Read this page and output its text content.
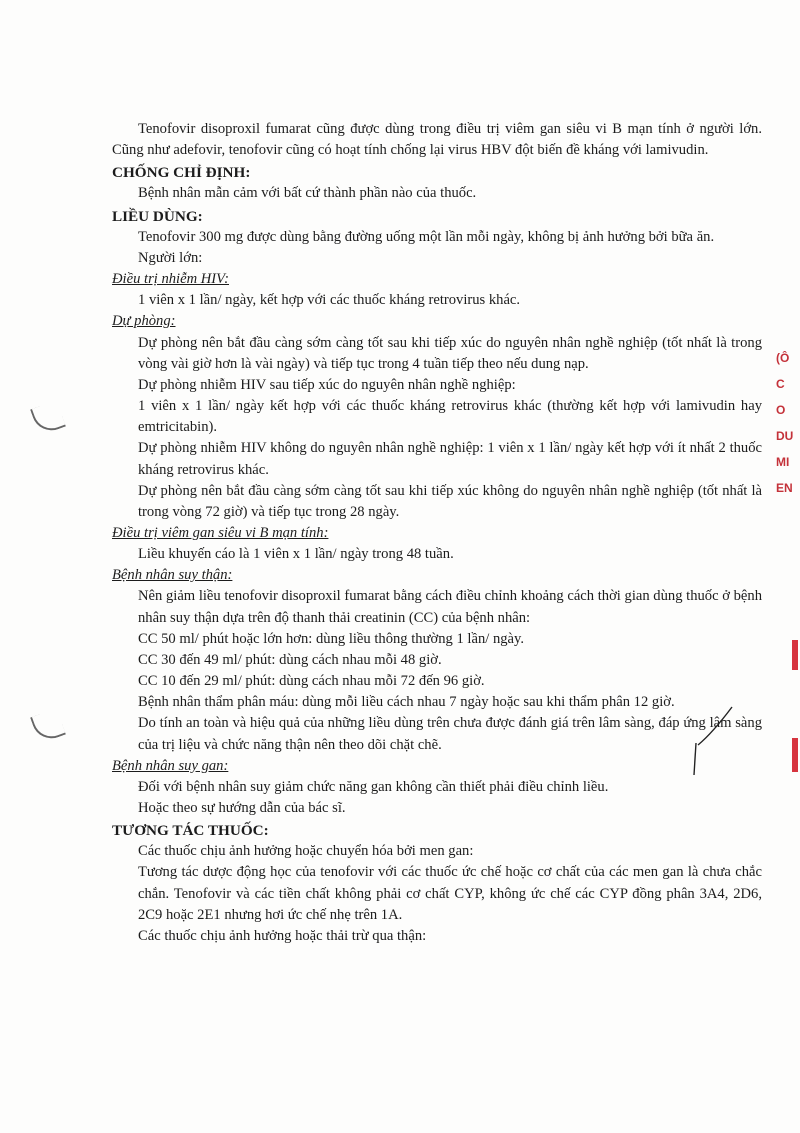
Tenofovir disoproxil fumarat cũng được dùng trong điều trị viêm gan siêu vi B mạn tính ở người lớn. Cũng như adefovir, tenofovir cũng có hoạt tính chống lại virus HBV đột biến đề kháng với lamivudin.

CHỐNG CHỈ ĐỊNH:

Bệnh nhân mẫn cảm với bất cứ thành phần nào của thuốc.

LIỀU DÙNG:

Tenofovir 300 mg được dùng bằng đường uống một lần mỗi ngày, không bị ảnh hưởng bởi bữa ăn.

Người lớn:

Điều trị nhiễm HIV:

1 viên x 1 lần/ ngày, kết hợp với các thuốc kháng retrovirus khác.

Dự phòng:

Dự phòng nên bắt đầu càng sớm càng tốt sau khi tiếp xúc do nguyên nhân nghề nghiệp (tốt nhất là trong vòng vài giờ hơn là vài ngày) và tiếp tục trong 4 tuần tiếp theo nếu dung nạp.

Dự phòng nhiễm HIV sau tiếp xúc do nguyên nhân nghề nghiệp:

1 viên x 1 lần/ ngày kết hợp với các thuốc kháng retrovirus khác (thường kết hợp với lamivudin hay emtricitabin).

Dự phòng nhiễm HIV không do nguyên nhân nghề nghiệp: 1 viên x 1 lần/ ngày kết hợp với ít nhất 2 thuốc kháng retrovirus khác.

Dự phòng nên bắt đầu càng sớm càng tốt sau khi tiếp xúc không do nguyên nhân nghề nghiệp (tốt nhất là trong vòng 72 giờ) và tiếp tục trong 28 ngày.

Điều trị viêm gan siêu vi B mạn tính:

Liều khuyến cáo là 1 viên x 1 lần/ ngày trong 48 tuần.

Bệnh nhân suy thận:

Nên giảm liều tenofovir disoproxil fumarat bằng cách điều chỉnh khoảng cách thời gian dùng thuốc ở bệnh nhân suy thận dựa trên độ thanh thải creatinin (CC) của bệnh nhân:

CC 50 ml/ phút hoặc lớn hơn: dùng liều thông thường 1 lần/ ngày.

CC 30 đến 49 ml/ phút: dùng cách nhau mỗi 48 giờ.

CC 10 đến 29 ml/ phút: dùng cách nhau mỗi 72 đến 96 giờ.

Bệnh nhân thẩm phân máu: dùng mỗi liều cách nhau 7 ngày hoặc sau khi thẩm phân 12 giờ.

Do tính an toàn và hiệu quả của những liều dùng trên chưa được đánh giá trên lâm sàng, đáp ứng lâm sàng của trị liệu và chức năng thận nên theo dõi chặt chẽ.

Bệnh nhân suy gan:

Đối với bệnh nhân suy giảm chức năng gan không cần thiết phải điều chỉnh liều.

Hoặc theo sự hướng dẫn của bác sĩ.

TƯƠNG TÁC THUỐC:

Các thuốc chịu ảnh hưởng hoặc chuyển hóa bởi men gan:

Tương tác dược động học của tenofovir với các thuốc ức chế hoặc cơ chất của các men gan là chưa chắc chắn. Tenofovir và các tiền chất không phải cơ chất CYP, không ức chế các CYP đồng phân 3A4, 2D6, 2C9 hoặc 2E1 nhưng hơi ức chế nhẹ trên 1A.

Các thuốc chịu ảnh hưởng hoặc thải trừ qua thận:

(Ô
C
O
DU
MI
EN
